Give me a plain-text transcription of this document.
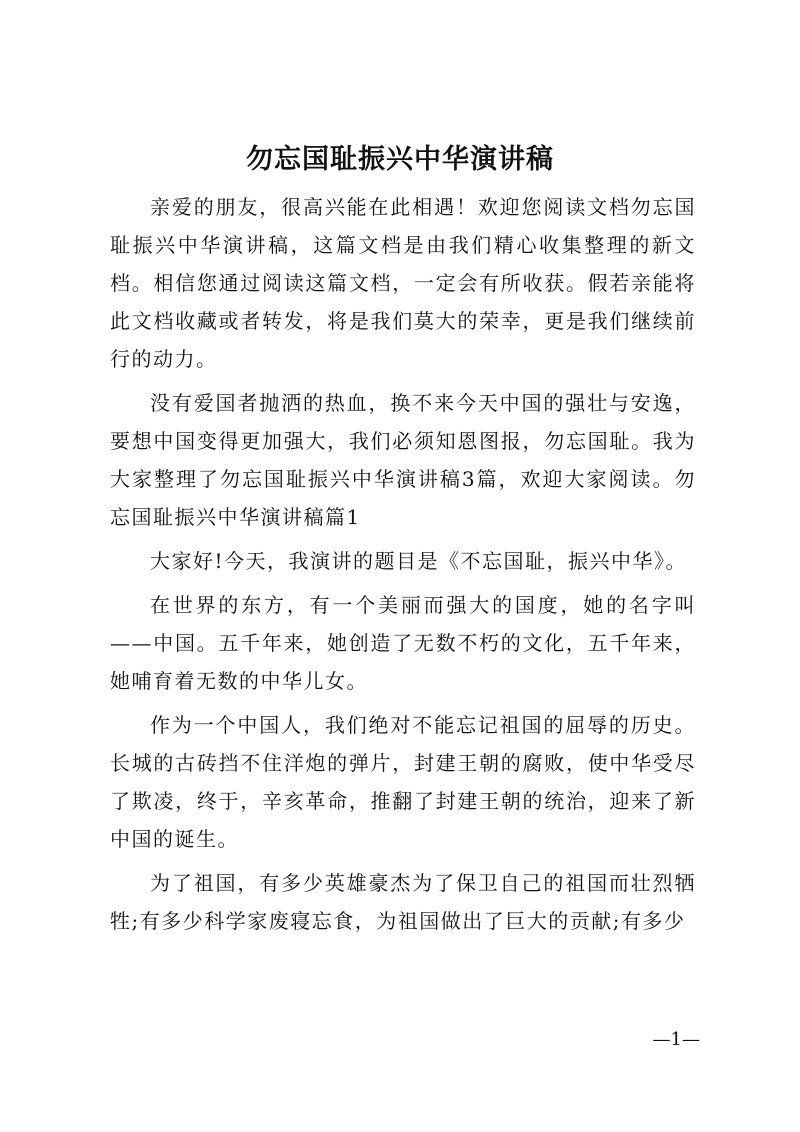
勿忘国耻振兴中华演讲稿

亲爱的朋友，很高兴能在此相遇！欢迎您阅读文档勿忘国耻振兴中华演讲稿，这篇文档是由我们精心收集整理的新文档。相信您通过阅读这篇文档，一定会有所收获。假若亲能将此文档收藏或者转发，将是我们莫大的荣幸，更是我们继续前行的动力。

没有爱国者抛洒的热血，换不来今天中国的强壮与安逸，要想中国变得更加强大，我们必须知恩图报，勿忘国耻。我为大家整理了勿忘国耻振兴中华演讲稿3篇，欢迎大家阅读。勿忘国耻振兴中华演讲稿篇1

大家好!今天，我演讲的题目是《不忘国耻，振兴中华》。

在世界的东方，有一个美丽而强大的国度，她的名字叫——中国。五千年来，她创造了无数不朽的文化，五千年来，她哺育着无数的中华儿女。

作为一个中国人，我们绝对不能忘记祖国的屈辱的历史。长城的古砖挡不住洋炮的弹片，封建王朝的腐败，使中华受尽了欺凌，终于，辛亥革命，推翻了封建王朝的统治，迎来了新中国的诞生。

为了祖国，有多少英雄豪杰为了保卫自己的祖国而壮烈牺牲;有多少科学家废寝忘食，为祖国做出了巨大的贡献;有多少

—1—
